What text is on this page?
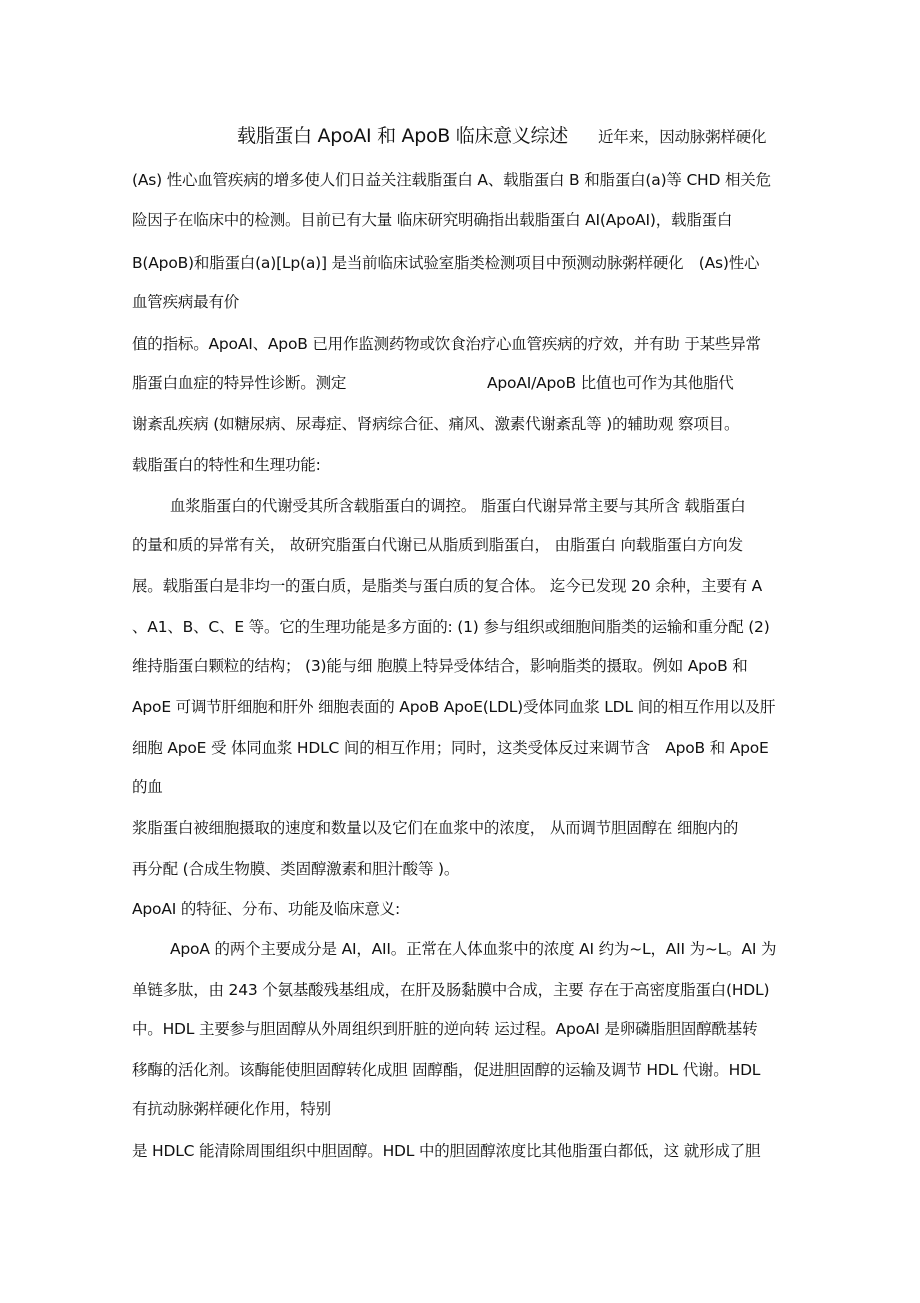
载脂蛋白 ApoAI 和 ApoB 临床意义综述 近年来，因动脉粥样硬化
(As) 性心血管疾病的增多使人们日益关注载脂蛋白 A、载脂蛋白 B 和脂蛋白(a)等 CHD 相关危
险因子在临床中的检测。目前已有大量 临床研究明确指出载脂蛋白 AI(ApoAI)，载脂蛋白
B(ApoB)和脂蛋白(a)[Lp(a)] 是当前临床试验室脂类检测项目中预测动脉粥样硬化　(As)性心
血管疾病最有价
值的指标。ApoAI、ApoB 已用作监测药物或饮食治疗心血管疾病的疗效，并有助 于某些异常
脂蛋白血症的特异性诊断。测定	ApoAI/ApoB 比值也可作为其他脂代
谢紊乱疾病 (如糖尿病、尿毒症、肾病综合征、痛风、激素代谢紊乱等 )的辅助观 察项目。
载脂蛋白的特性和生理功能:
血浆脂蛋白的代谢受其所含载脂蛋白的调控。 脂蛋白代谢异常主要与其所含 载脂蛋白
的量和质的异常有关， 故研究脂蛋白代谢已从脂质到脂蛋白， 由脂蛋白 向载脂蛋白方向发
展。载脂蛋白是非均一的蛋白质，是脂类与蛋白质的复合体。 迄今已发现 20 余种，主要有 A
、A1、B、C、E 等。它的生理功能是多方面的: (1) 参与组织或细胞间脂类的运输和重分配 (2)
维持脂蛋白颗粒的结构； (3)能与细 胞膜上特异受体结合，影响脂类的摄取。例如 ApoB 和
ApoE 可调节肝细胞和肝外 细胞表面的 ApoB ApoE(LDL)受体同血浆 LDL 间的相互作用以及肝
细胞 ApoE 受 体同血浆 HDLC 间的相互作用；同时，这类受体反过来调节含　ApoB 和 ApoE
的血
浆脂蛋白被细胞摄取的速度和数量以及它们在血浆中的浓度， 从而调节胆固醇在 细胞内的
再分配 (合成生物膜、类固醇激素和胆汁酸等 )。
ApoAI 的特征、分布、功能及临床意义:
ApoA 的两个主要成分是 AI，AII。正常在人体血浆中的浓度 AI 约为~L，AII 为~L。AI 为
单链多肽，由 243 个氨基酸残基组成，在肝及肠黏膜中合成，主要 存在于高密度脂蛋白(HDL)
中。HDL 主要参与胆固醇从外周组织到肝脏的逆向转 运过程。ApoAI 是卵磷脂胆固醇酰基转
移酶的活化剂。该酶能使胆固醇转化成胆 固醇酯，促进胆固醇的运输及调节 HDL 代谢。HDL
有抗动脉粥样硬化作用，特别
是 HDLC 能清除周围组织中胆固醇。HDL 中的胆固醇浓度比其他脂蛋白都低，这 就形成了胆
